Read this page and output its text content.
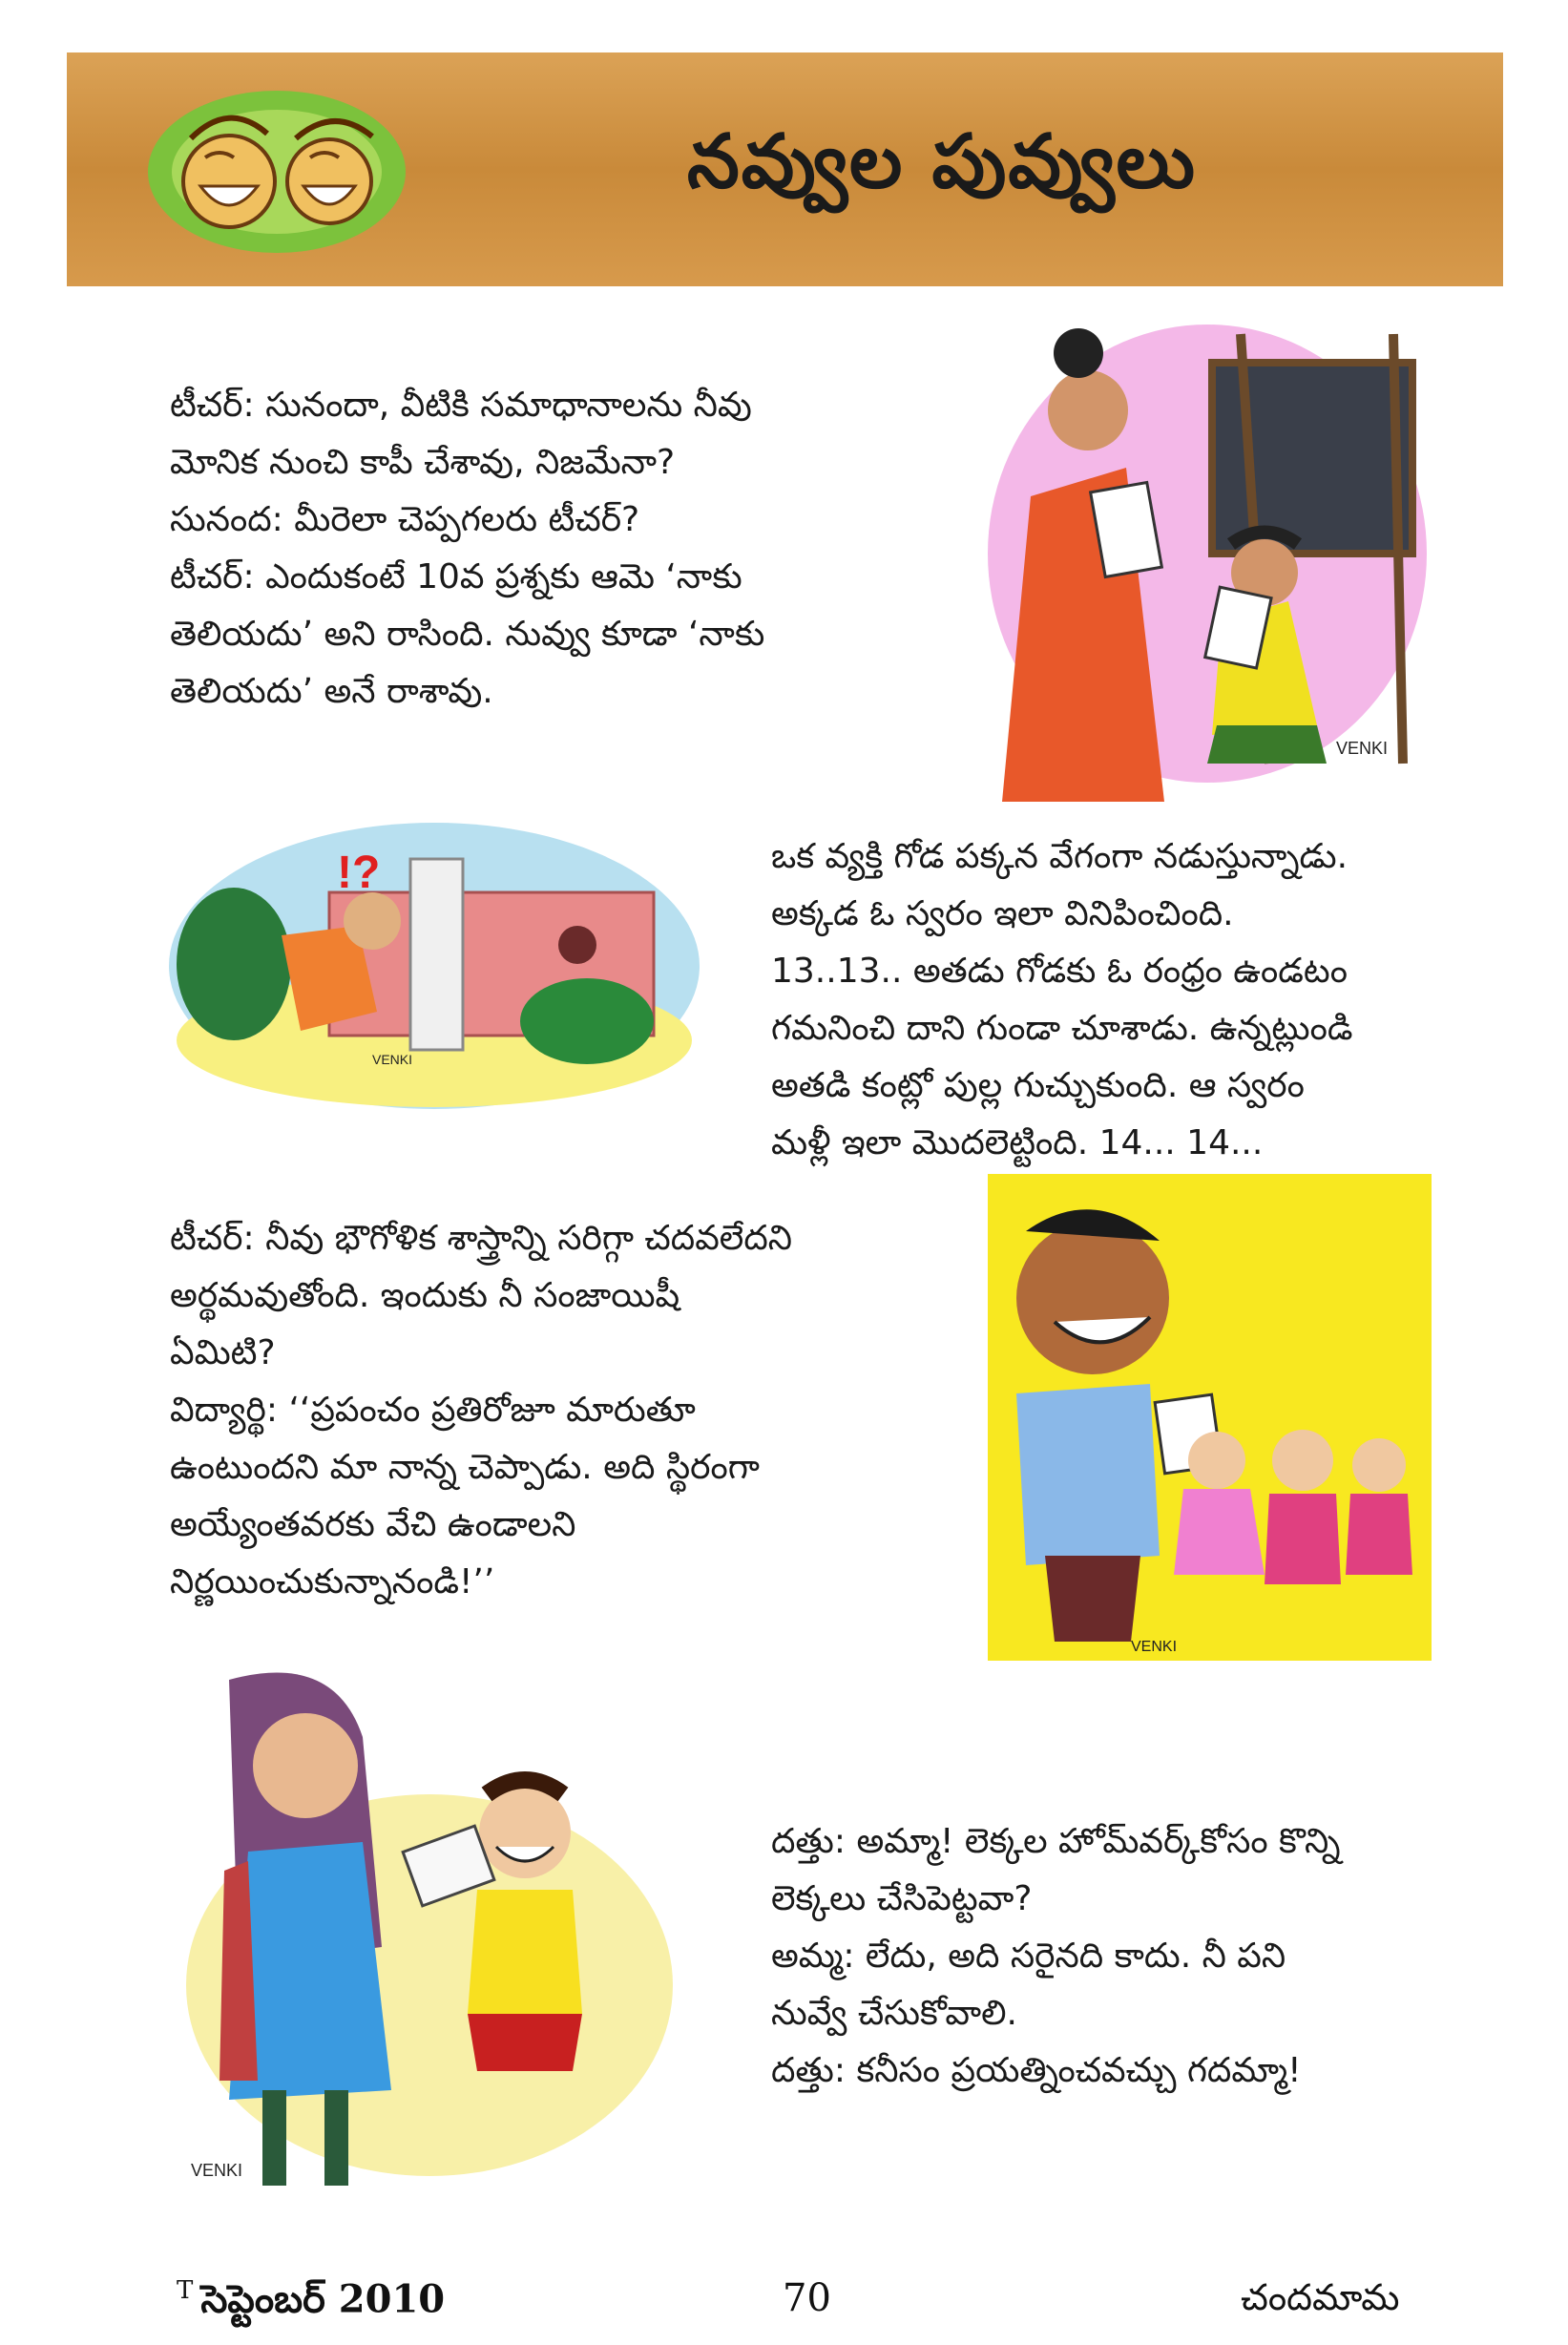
నవ్వుల పువ్వులు

టీచర్: సునందా, వీటికి సమాధానాలను నీవు

మోనిక నుంచి కాపీ చేశావు, నిజమేనా?

సునంద: మీరెలా చెప్పగలరు టీచర్?

టీచర్: ఎందుకంటే 10వ ప్రశ్నకు ఆమె ‘నాకు

తెలియదు’ అని రాసింది. నువ్వు కూడా ‘నాకు

తెలియదు’ అనే రాశావు.

VENKI
!?
VENKI

ఒక వ్యక్తి గోడ పక్కన వేగంగా నడుస్తున్నాడు.

అక్కడ ఓ స్వరం ఇలా వినిపించింది.

13..13.. అతడు గోడకు ఓ రంధ్రం ఉండటం

గమనించి దాని గుండా చూశాడు. ఉన్నట్లుండి

అతడి కంట్లో పుల్ల గుచ్చుకుంది. ఆ స్వరం

మళ్లీ ఇలా మొదలెట్టింది. 14... 14...

టీచర్: నీవు భౌగోళిక శాస్త్రాన్ని సరిగ్గా చదవలేదని

అర్థమవుతోంది. ఇందుకు నీ సంజాయిషీ

ఏమిటి?

విద్యార్థి: ‘‘ప్రపంచం ప్రతిరోజూ మారుతూ

ఉంటుందని మా నాన్న చెప్పాడు. అది స్థిరంగా

అయ్యేంతవరకు వేచి ఉండాలని

నిర్ణయించుకున్నానండి!’’

VENKI
VENKI

దత్తు: అమ్మా! లెక్కల హోమ్‌వర్క్‌కోసం కొన్ని

లెక్కలు చేసిపెట్టవా?

అమ్మ: లేదు, అది సరైనది కాదు. నీ పని

నువ్వే చేసుకోవాలి.

దత్తు: కనీసం ప్రయత్నించవచ్చు గదమ్మా!

$^T$ సెప్టెంబర్ 2010	70	చందమామ
